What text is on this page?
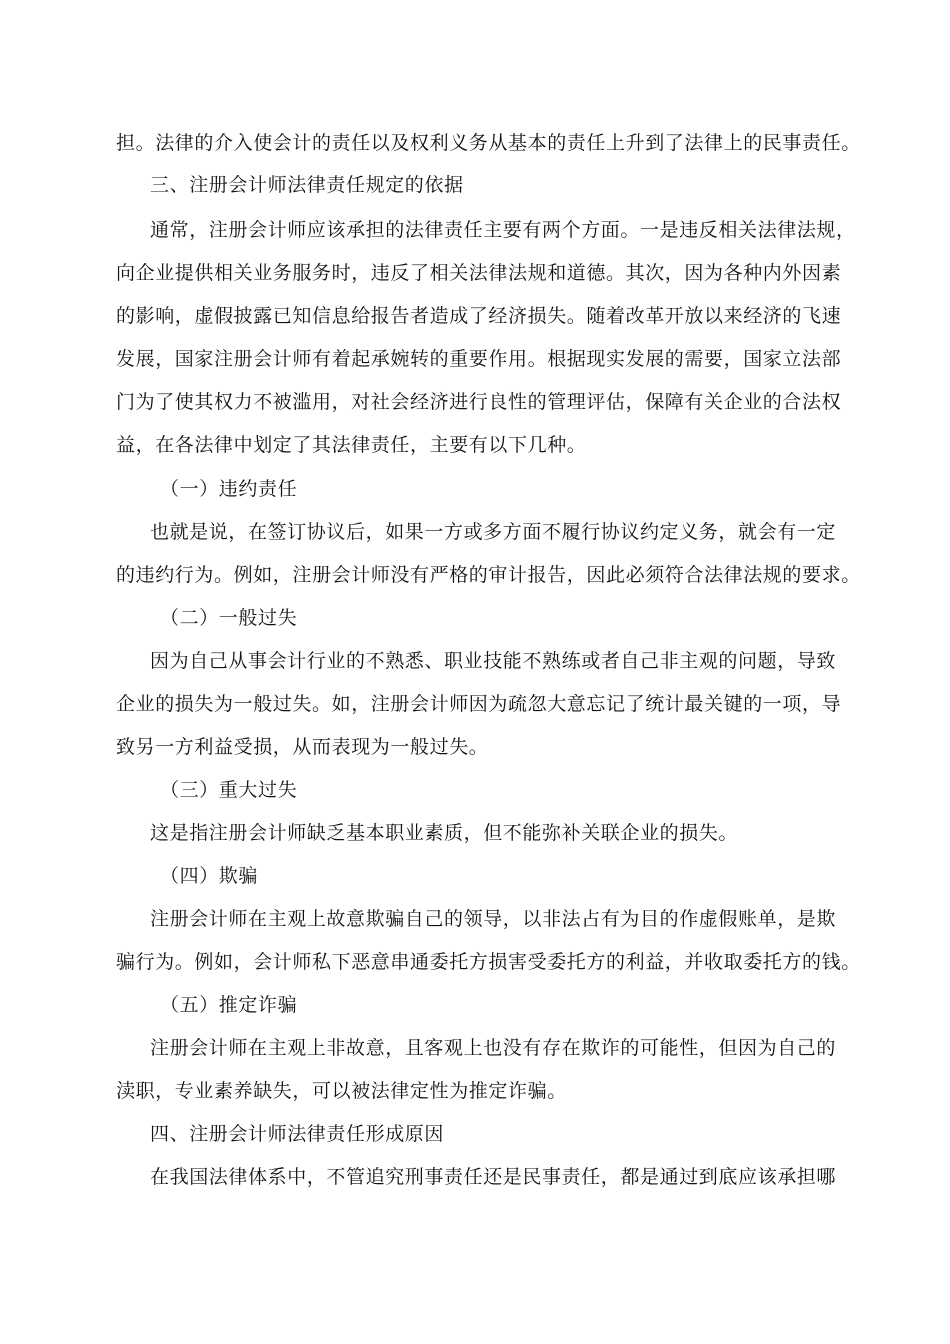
担。法律的介入使会计的责任以及权利义务从基本的责任上升到了法律上的民事责任。
三、注册会计师法律责任规定的依据
通常，注册会计师应该承担的法律责任主要有两个方面。一是违反相关法律法规，
向企业提供相关业务服务时，违反了相关法律法规和道德。其次，因为各种内外因素
的影响，虚假披露已知信息给报告者造成了经济损失。随着改革开放以来经济的飞速
发展，国家注册会计师有着起承婉转的重要作用。根据现实发展的需要，国家立法部
门为了使其权力不被滥用，对社会经济进行良性的管理评估，保障有关企业的合法权
益，在各法律中划定了其法律责任，主要有以下几种。
（一）违约责任
也就是说，在签订协议后，如果一方或多方面不履行协议约定义务，就会有一定
的违约行为。例如，注册会计师没有严格的审计报告，因此必须符合法律法规的要求。
（二）一般过失
因为自己从事会计行业的不熟悉、职业技能不熟练或者自己非主观的问题，导致
企业的损失为一般过失。如，注册会计师因为疏忽大意忘记了统计最关键的一项，导
致另一方利益受损，从而表现为一般过失。
（三）重大过失
这是指注册会计师缺乏基本职业素质，但不能弥补关联企业的损失。
（四）欺骗
注册会计师在主观上故意欺骗自己的领导，以非法占有为目的作虚假账单，是欺
骗行为。例如，会计师私下恶意串通委托方损害受委托方的利益，并收取委托方的钱。
（五）推定诈骗
注册会计师在主观上非故意，且客观上也没有存在欺诈的可能性，但因为自己的
渎职，专业素养缺失，可以被法律定性为推定诈骗。
四、注册会计师法律责任形成原因
在我国法律体系中，不管追究刑事责任还是民事责任，都是通过到底应该承担哪
